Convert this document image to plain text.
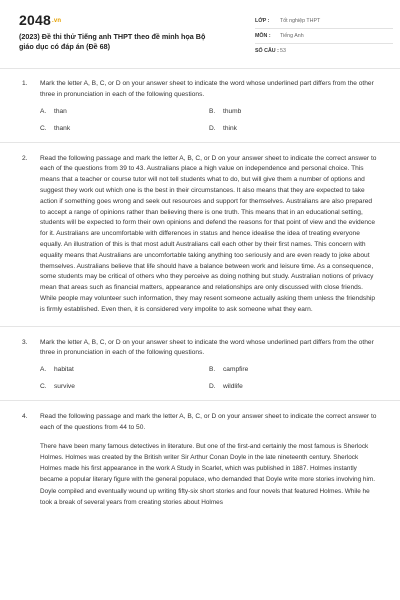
2048.vn
(2023) Đề thi thử Tiếng anh THPT theo đề minh họa Bộ giáo dục có đáp án (Đề 68)
LỚP :	Tốt nghiệp THPT
MÔN :	Tiếng Anh
SỐ CÂU : 53
1. Mark the letter A, B, C, or D on your answer sheet to indicate the word whose underlined part differs from the other three in pronunciation in each of the following questions.
A. than	B. thumb
C. thank	D. think
2. Read the following passage and mark the letter A, B, C, or D on your answer sheet to indicate the correct answer to each of the questions from 39 to 43. Australians place a high value on independence and personal choice. This means that a teacher or course tutor will not tell students what to do, but will give them a number of options and suggest they work out which one is the best in their circumstances. It also means that they are expected to take action if something goes wrong and seek out resources and support for themselves. Australians are also prepared to accept a range of opinions rather than believing there is one truth. This means that in an educational setting, students will be expected to form their own opinions and defend the reasons for that point of view and the evidence for it. Australians are uncomfortable with differences in status and hence idealise the idea of treating everyone equally. An illustration of this is that most adult Australians call each other by their first names. This concern with equality means that Australians are uncomfortable taking anything too seriously and are even ready to joke about themselves. Australians believe that life should have a balance between work and leisure time. As a consequence, some students may be critical of others who they perceive as doing nothing but study. Australian notions of privacy mean that areas such as financial matters, appearance and relationships are only discussed with close friends. While people may volunteer such information, they may resent someone actually asking them unless the friendship is firmly established. Even then, it is considered very impolite to ask someone what they earn.
3. Mark the letter A, B, C, or D on your answer sheet to indicate the word whose underlined part differs from the other three in pronunciation in each of the following questions.
A. habitat	B. campfire
C. survive	D. wildlife
4. Read the following passage and mark the letter A, B, C, or D on your answer sheet to indicate the correct answer to each of the questions from 44 to 50.

There have been many famous detectives in literature. But one of the first-and certainly the most famous is Sherlock Holmes. Holmes was created by the British writer Sir Arthur Conan Doyle in the late nineteenth century. Sherlock Holmes made his first appearance in the work A Study in Scarlet, which was published in 1887. Holmes instantly became a popular literary figure with the general populace, who demanded that Doyle write more stories involving him. Doyle compiled and eventually wound up writing fifty-six short stories and four novels that featured Holmes. While he took a break of several years from creating stories about Holmes
